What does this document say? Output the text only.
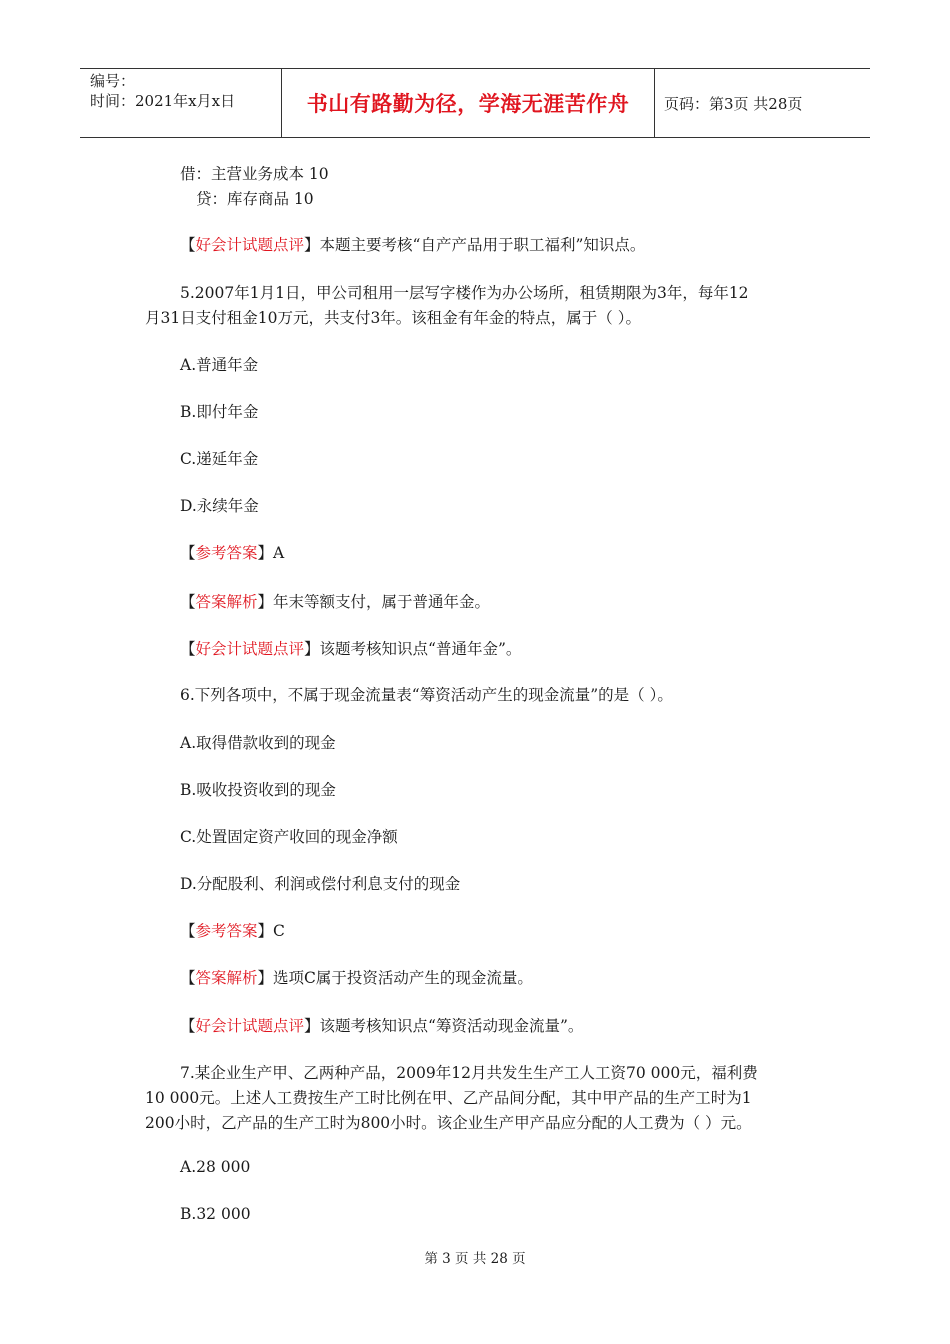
编号：
时间：2021年x月x日	书山有路勤为径，学海无涯苦作舟	页码：第3页 共28页
借：主营业务成本 10
贷：库存商品 10
【好会计试题点评】本题主要考核“自产产品用于职工福利”知识点。
5.2007年1月1日，甲公司租用一层写字楼作为办公场所，租赁期限为3年，每年12
月31日支付租金10万元，共支付3年。该租金有年金的特点，属于（ ）。
A.普通年金
B.即付年金
C.递延年金
D.永续年金
【参考答案】A
【答案解析】年末等额支付，属于普通年金。
【好会计试题点评】该题考核知识点“普通年金”。
6.下列各项中，不属于现金流量表“筹资活动产生的现金流量”的是（ ）。
A.取得借款收到的现金
B.吸收投资收到的现金
C.处置固定资产收回的现金净额
D.分配股利、利润或偿付利息支付的现金
【参考答案】C
【答案解析】选项C属于投资活动产生的现金流量。
【好会计试题点评】该题考核知识点“筹资活动现金流量”。
7.某企业生产甲、乙两种产品，2009年12月共发生生产工人工资70 000元，福利费
10 000元。上述人工费按生产工时比例在甲、乙产品间分配，其中甲产品的生产工时为1
200小时，乙产品的生产工时为800小时。该企业生产甲产品应分配的人工费为（ ）元。
A.28 000
B.32 000
第 3 页 共 28 页
